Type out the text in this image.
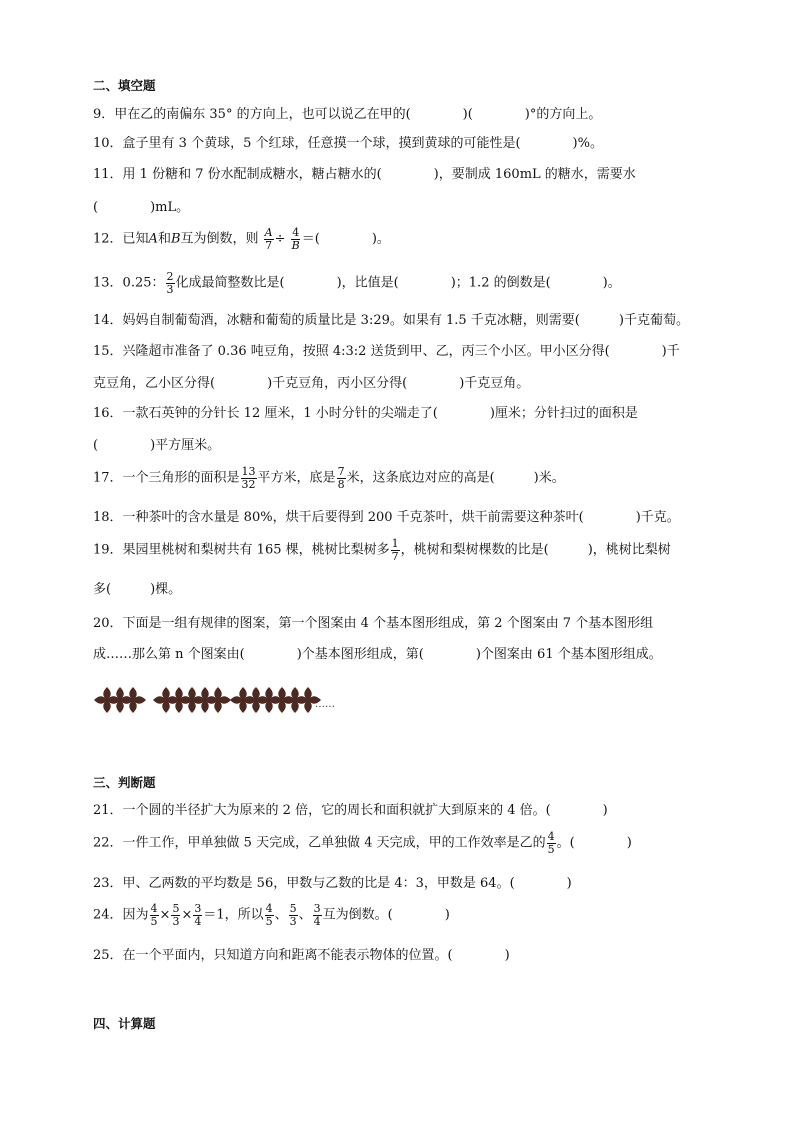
二、填空题
9．甲在乙的南偏东 35° 的方向上，也可以说乙在甲的(　　　　)(　　　　)°的方向上。
10．盒子里有 3 个黄球，5 个红球，任意摸一个球，摸到黄球的可能性是(　　　　)%。
11．用 1 份糖和 7 份水配制成糖水，糖占糖水的(　　　　)，要制成 160mL 的糖水，需要水
(　　　　)mL。
12．已知A和B互为倒数，则 $\frac{A}{7} \div \frac{4}{B}$ ＝(　　　　)。
13．0.25： $\frac{2}{3}$ 化成最简整数比是(　　　　)，比值是(　　　　)；1.2 的倒数是(　　　　)。
14．妈妈自制葡萄酒，冰糖和葡萄的质量比是 3:29。如果有 1.5 千克冰糖，则需要(　　　)千克葡萄。
15．兴隆超市准备了 0.36 吨豆角，按照 4:3:2 送货到甲、乙，丙三个小区。甲小区分得(　　　　)千
克豆角，乙小区分得(　　　　)千克豆角，丙小区分得(　　　　)千克豆角。
16．一款石英钟的分针长 12 厘米，1 小时分针的尖端走了(　　　　)厘米；分针扫过的面积是
(　　　　)平方厘米。
17．一个三角形的面积是 $\frac{13}{32}$ 平方米，底是 $\frac{7}{8}$ 米，这条底边对应的高是(　　　)米。
18．一种茶叶的含水量是 80%，烘干后要得到 200 千克茶叶，烘干前需要这种茶叶(　　　　)千克。
19．果园里桃树和梨树共有 165 棵，桃树比梨树多 $\frac{1}{7}$ ，桃树和梨树棵数的比是(　　　)，桃树比梨树
多(　　　)棵。
20．下面是一组有规律的图案，第一个图案由 4 个基本图形组成，第 2 个图案由 7 个基本图形组
成……那么第 n 个图案由(　　　　)个基本图形组成，第(　　　　)个图案由 61 个基本图形组成。
……
三、判断题
21．一个圆的半径扩大为原来的 2 倍，它的周长和面积就扩大到原来的 4 倍。(　　　　)
22．一件工作，甲单独做 5 天完成，乙单独做 4 天完成，甲的工作效率是乙的 $\frac{4}{5}$ 。(　　　　)
23．甲、乙两数的平均数是 56，甲数与乙数的比是 4：3，甲数是 64。(　　　　)
24．因为 $\frac{4}{5} \times \frac{5}{3} \times \frac{3}{4} =1$，所以 $\frac{4}{5}$ 、 $\frac{5}{3}$ 、 $\frac{3}{4}$ 互为倒数。(　　　　)
25．在一个平面内，只知道方向和距离不能表示物体的位置。(　　　　)
四、计算题
